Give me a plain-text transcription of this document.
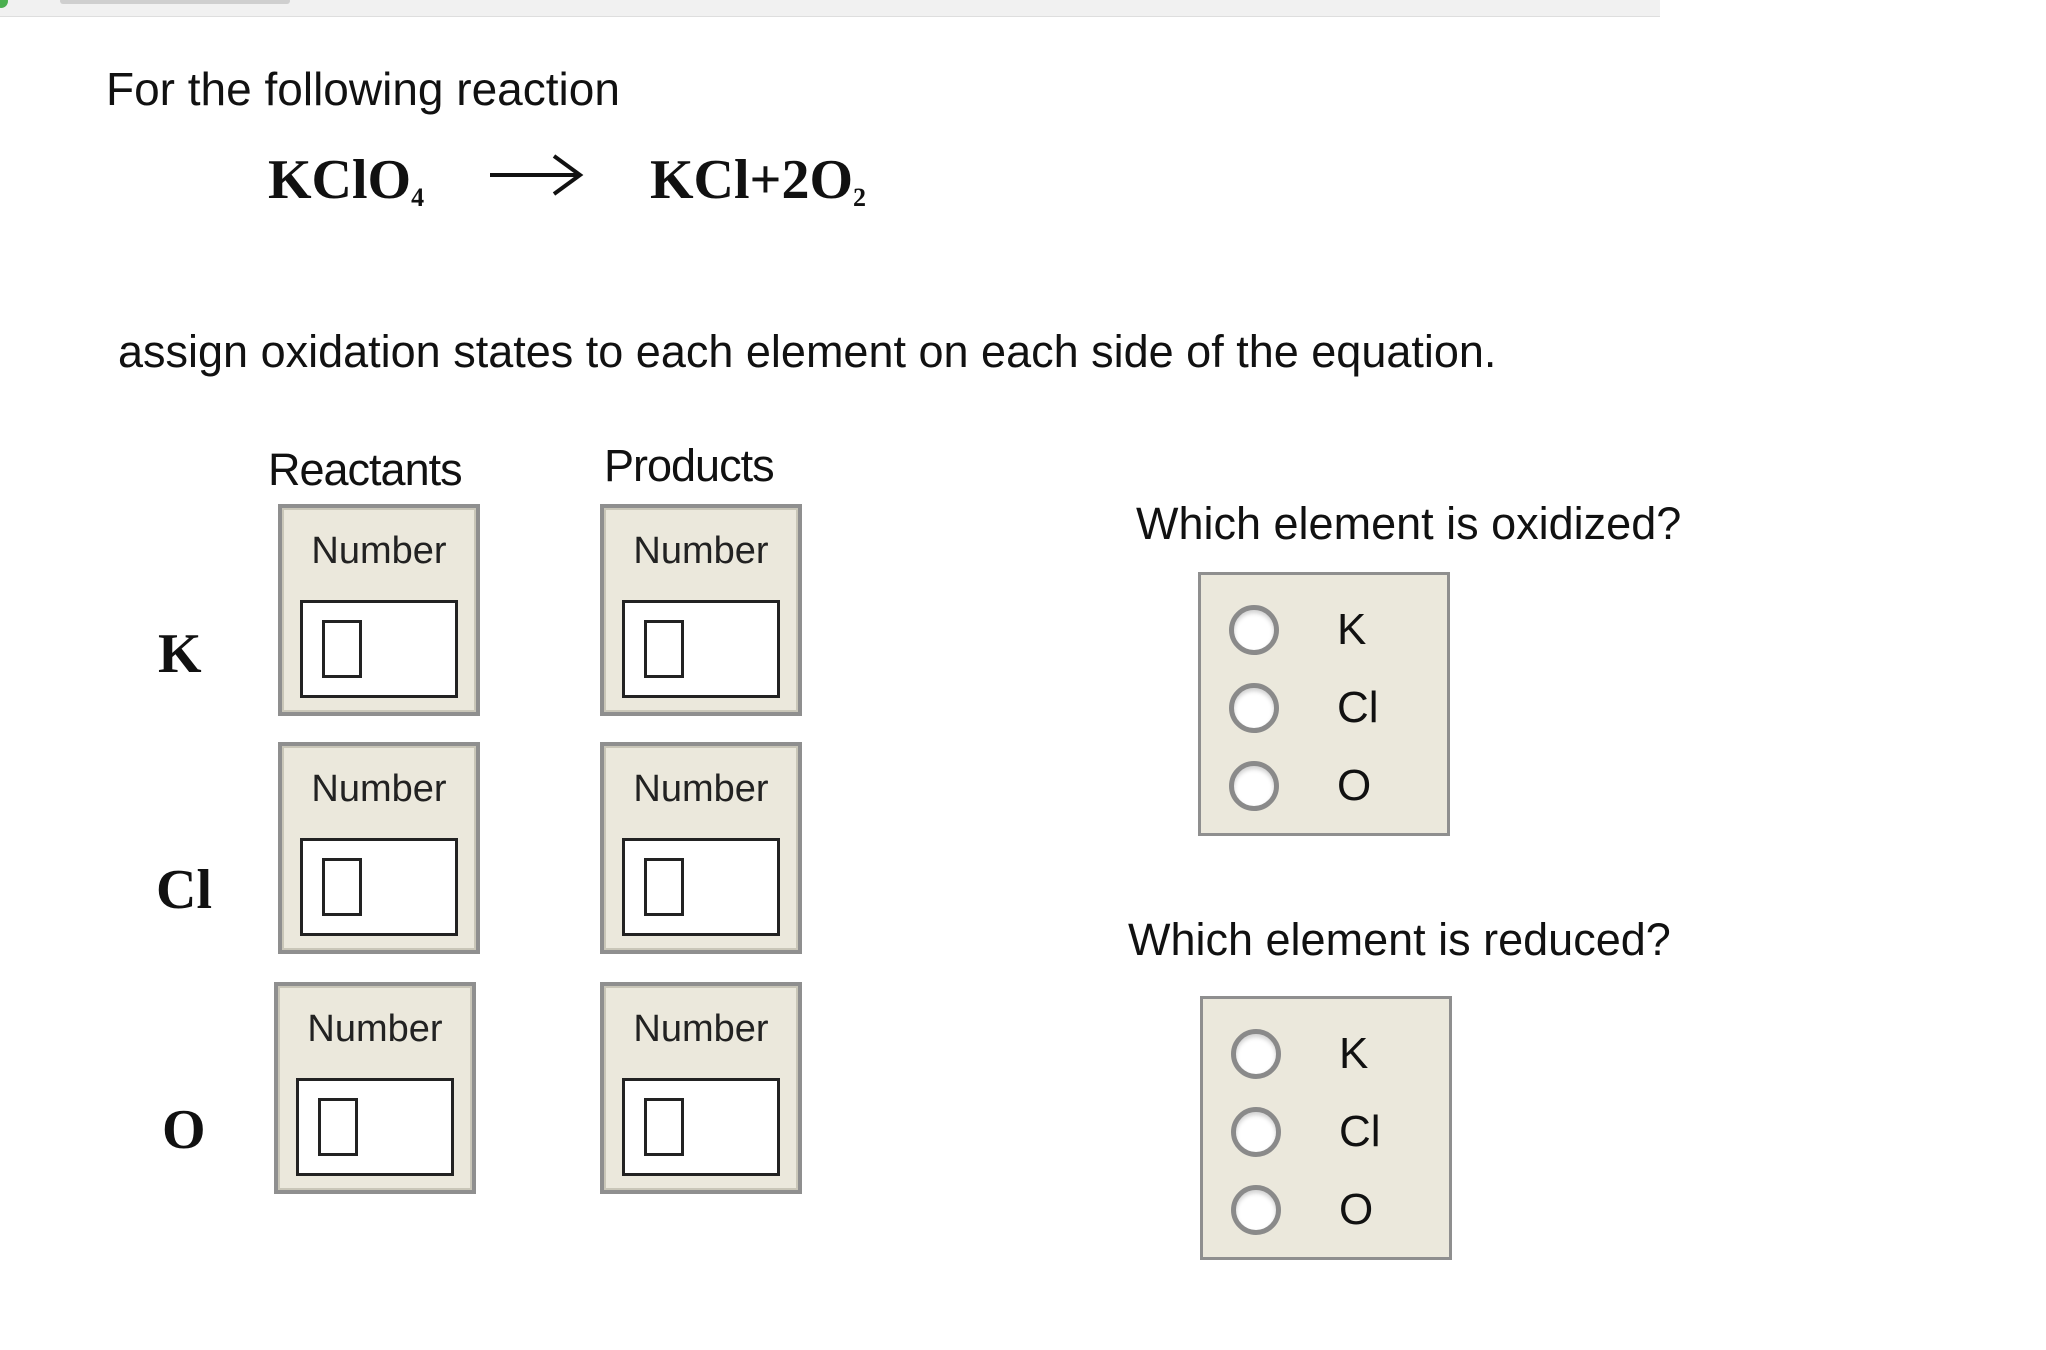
For the following reaction
KClO$_4$ → $KCl+2O_2$
assign oxidation states to each element on each side of the equation.
Reactants	Products
K
Number	Number
Cl
Number	Number
O
Number	Number
Which element is oxidized?
K
Cl
O
Which element is reduced?
K
Cl
O
